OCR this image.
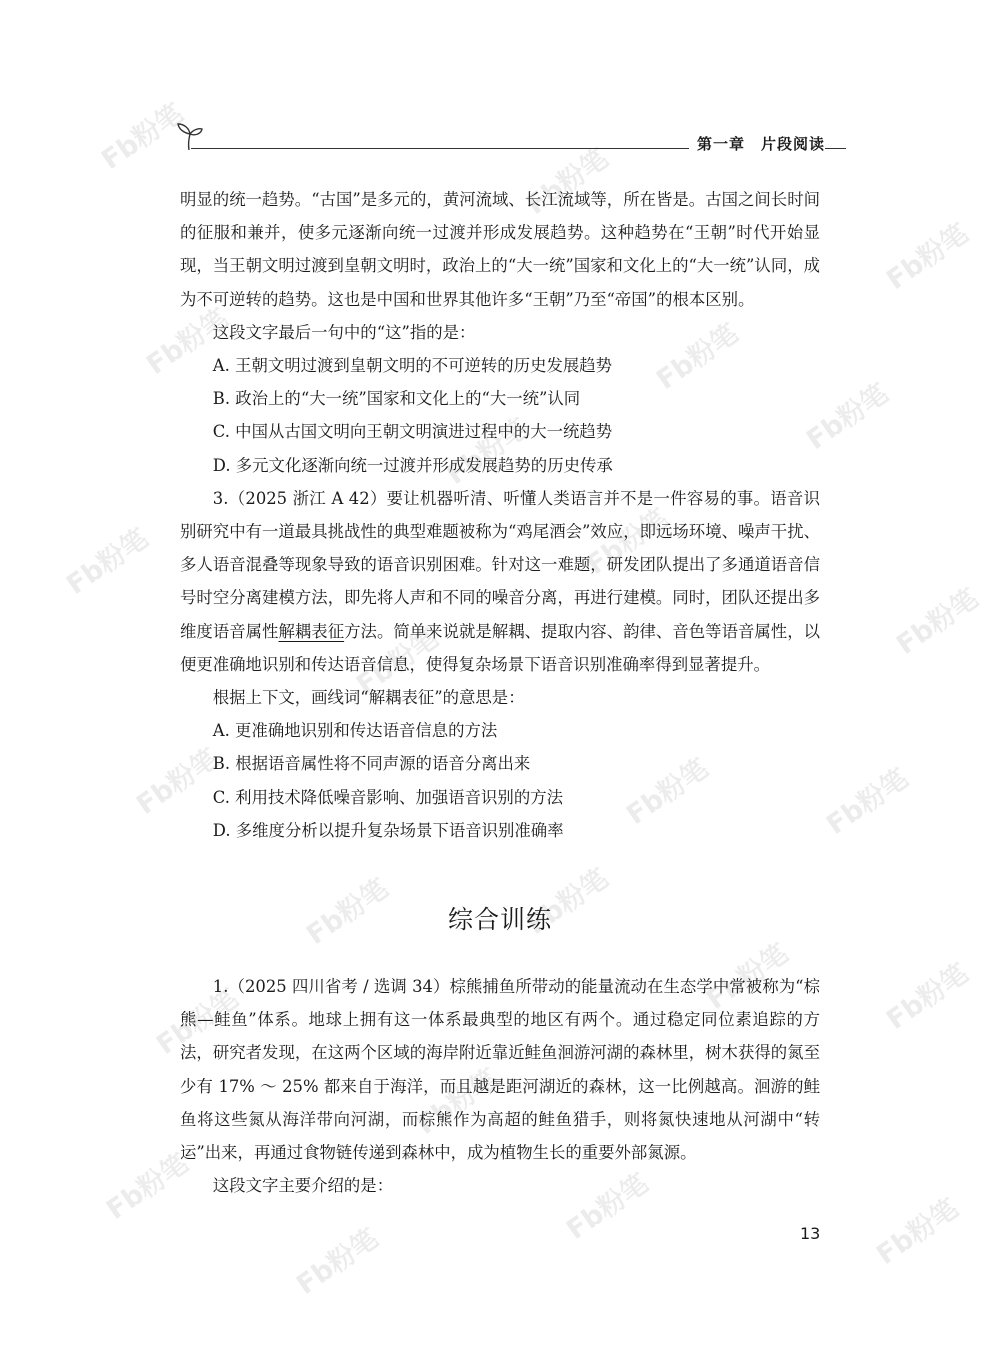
Fb粉笔
Fb粉笔
Fb粉笔
Fb粉笔	Fb粉笔
Fb粉笔	Fb粉笔
Fb粉笔	Fb粉笔
Fb粉笔
Fb粉笔
Fb粉笔	Fb粉笔	Fb粉笔
Fb粉笔	Fb粉笔
Fb粉笔
Fb粉笔	Fb粉笔
Fb粉笔
Fb粉笔	Fb粉笔	Fb粉笔
Fb粉笔
第一章　片段阅读

明显的统一趋势。“古国”是多元的，黄河流域、长江流域等，所在皆是。古国之间长时间的征服和兼并，使多元逐渐向统一过渡并形成发展趋势。这种趋势在“王朝”时代开始显现，当王朝文明过渡到皇朝文明时，政治上的“大一统”国家和文化上的“大一统”认同，成为不可逆转的趋势。这也是中国和世界其他许多“王朝”乃至“帝国”的根本区别。

这段文字最后一句中的“这”指的是：

A. 王朝文明过渡到皇朝文明的不可逆转的历史发展趋势

B. 政治上的“大一统”国家和文化上的“大一统”认同

C. 中国从古国文明向王朝文明演进过程中的大一统趋势

D. 多元文化逐渐向统一过渡并形成发展趋势的历史传承

3.（2025 浙江 A 42）要让机器听清、听懂人类语言并不是一件容易的事。语音识别研究中有一道最具挑战性的典型难题被称为“鸡尾酒会”效应，即远场环境、噪声干扰、多人语音混叠等现象导致的语音识别困难。针对这一难题，研发团队提出了多通道语音信号时空分离建模方法，即先将人声和不同的噪音分离，再进行建模。同时，团队还提出多维度语音属性解耦表征方法。简单来说就是解耦、提取内容、韵律、音色等语音属性，以便更准确地识别和传达语音信息，使得复杂场景下语音识别准确率得到显著提升。

根据上下文，画线词“解耦表征”的意思是：

A. 更准确地识别和传达语音信息的方法

B. 根据语音属性将不同声源的语音分离出来

C. 利用技术降低噪音影响、加强语音识别的方法

D. 多维度分析以提升复杂场景下语音识别准确率

综合训练

1.（2025 四川省考 / 选调 34）棕熊捕鱼所带动的能量流动在生态学中常被称为“棕熊—鲑鱼”体系。地球上拥有这一体系最典型的地区有两个。通过稳定同位素追踪的方法，研究者发现，在这两个区域的海岸附近靠近鲑鱼洄游河湖的森林里，树木获得的氮至少有 17% ～ 25% 都来自于海洋，而且越是距河湖近的森林，这一比例越高。洄游的鲑鱼将这些氮从海洋带向河湖，而棕熊作为高超的鲑鱼猎手，则将氮快速地从河湖中“转运”出来，再通过食物链传递到森林中，成为植物生长的重要外部氮源。

这段文字主要介绍的是：

13
